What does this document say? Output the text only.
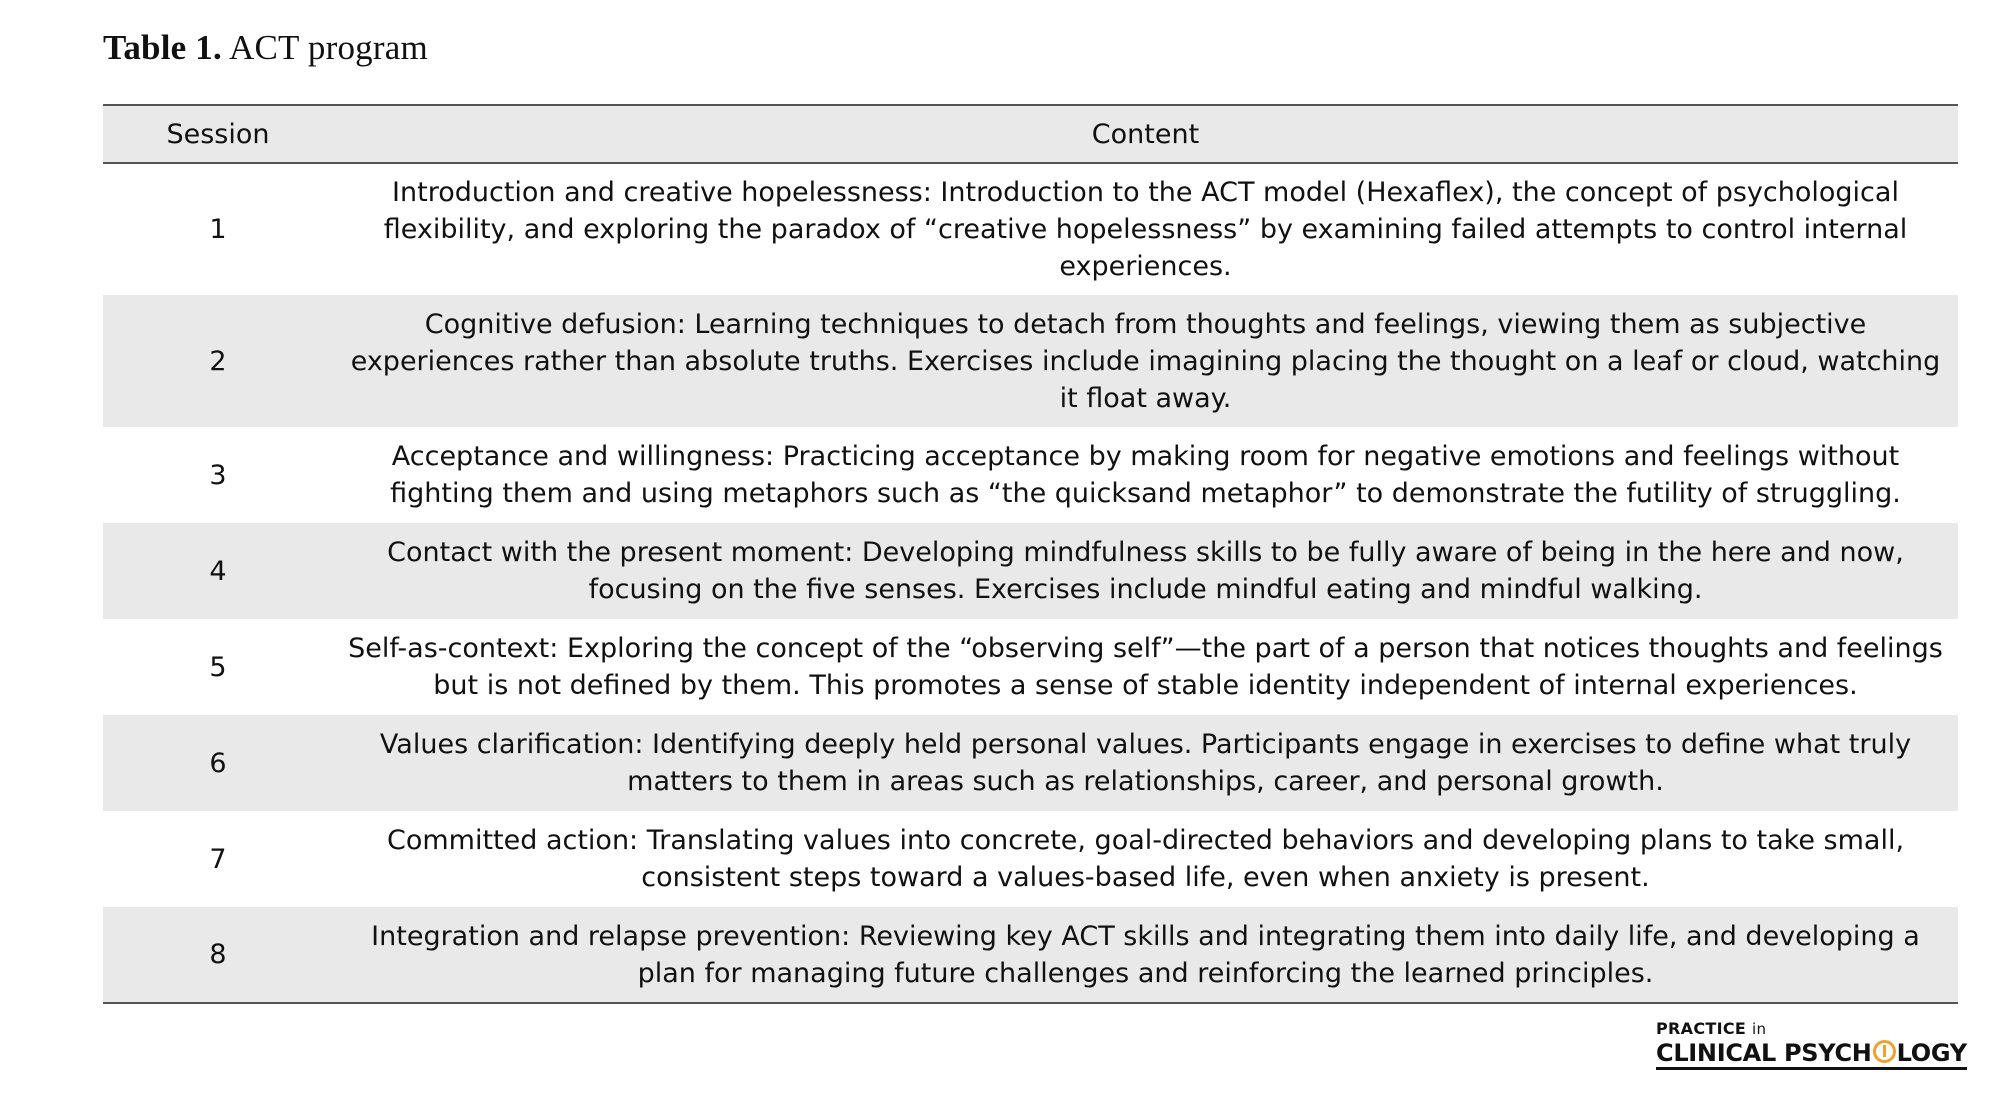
Table 1. ACT program
Session	Content
1	Introduction and creative hopelessness: Introduction to the ACT model (Hexaflex), the concept of psychological flexibility, and exploring the paradox of “creative hopelessness” by examining failed attempts to control internal experiences.
2	Cognitive defusion: Learning techniques to detach from thoughts and feelings, viewing them as subjective experiences rather than absolute truths. Exercises include imagining placing the thought on a leaf or cloud, watching it float away.
3	Acceptance and willingness: Practicing acceptance by making room for negative emotions and feelings without fighting them and using metaphors such as “the quicksand metaphor” to demonstrate the futility of struggling.
4	Contact with the present moment: Developing mindfulness skills to be fully aware of being in the here and now, focusing on the five senses. Exercises include mindful eating and mindful walking.
5	Self-as-context: Exploring the concept of the “observing self”—the part of a person that notices thoughts and feelings but is not defined by them. This promotes a sense of stable identity independent of internal experiences.
6	Values clarification: Identifying deeply held personal values. Participants engage in exercises to define what truly matters to them in areas such as relationships, career, and personal growth.
7	Committed action: Translating values into concrete, goal-directed behaviors and developing plans to take small, consistent steps toward a values-based life, even when anxiety is present.
8	Integration and relapse prevention: Reviewing key ACT skills and integrating them into daily life, and developing a plan for managing future challenges and reinforcing the learned principles.
PRACTICE in
CLINICAL PSYCH LOGY
